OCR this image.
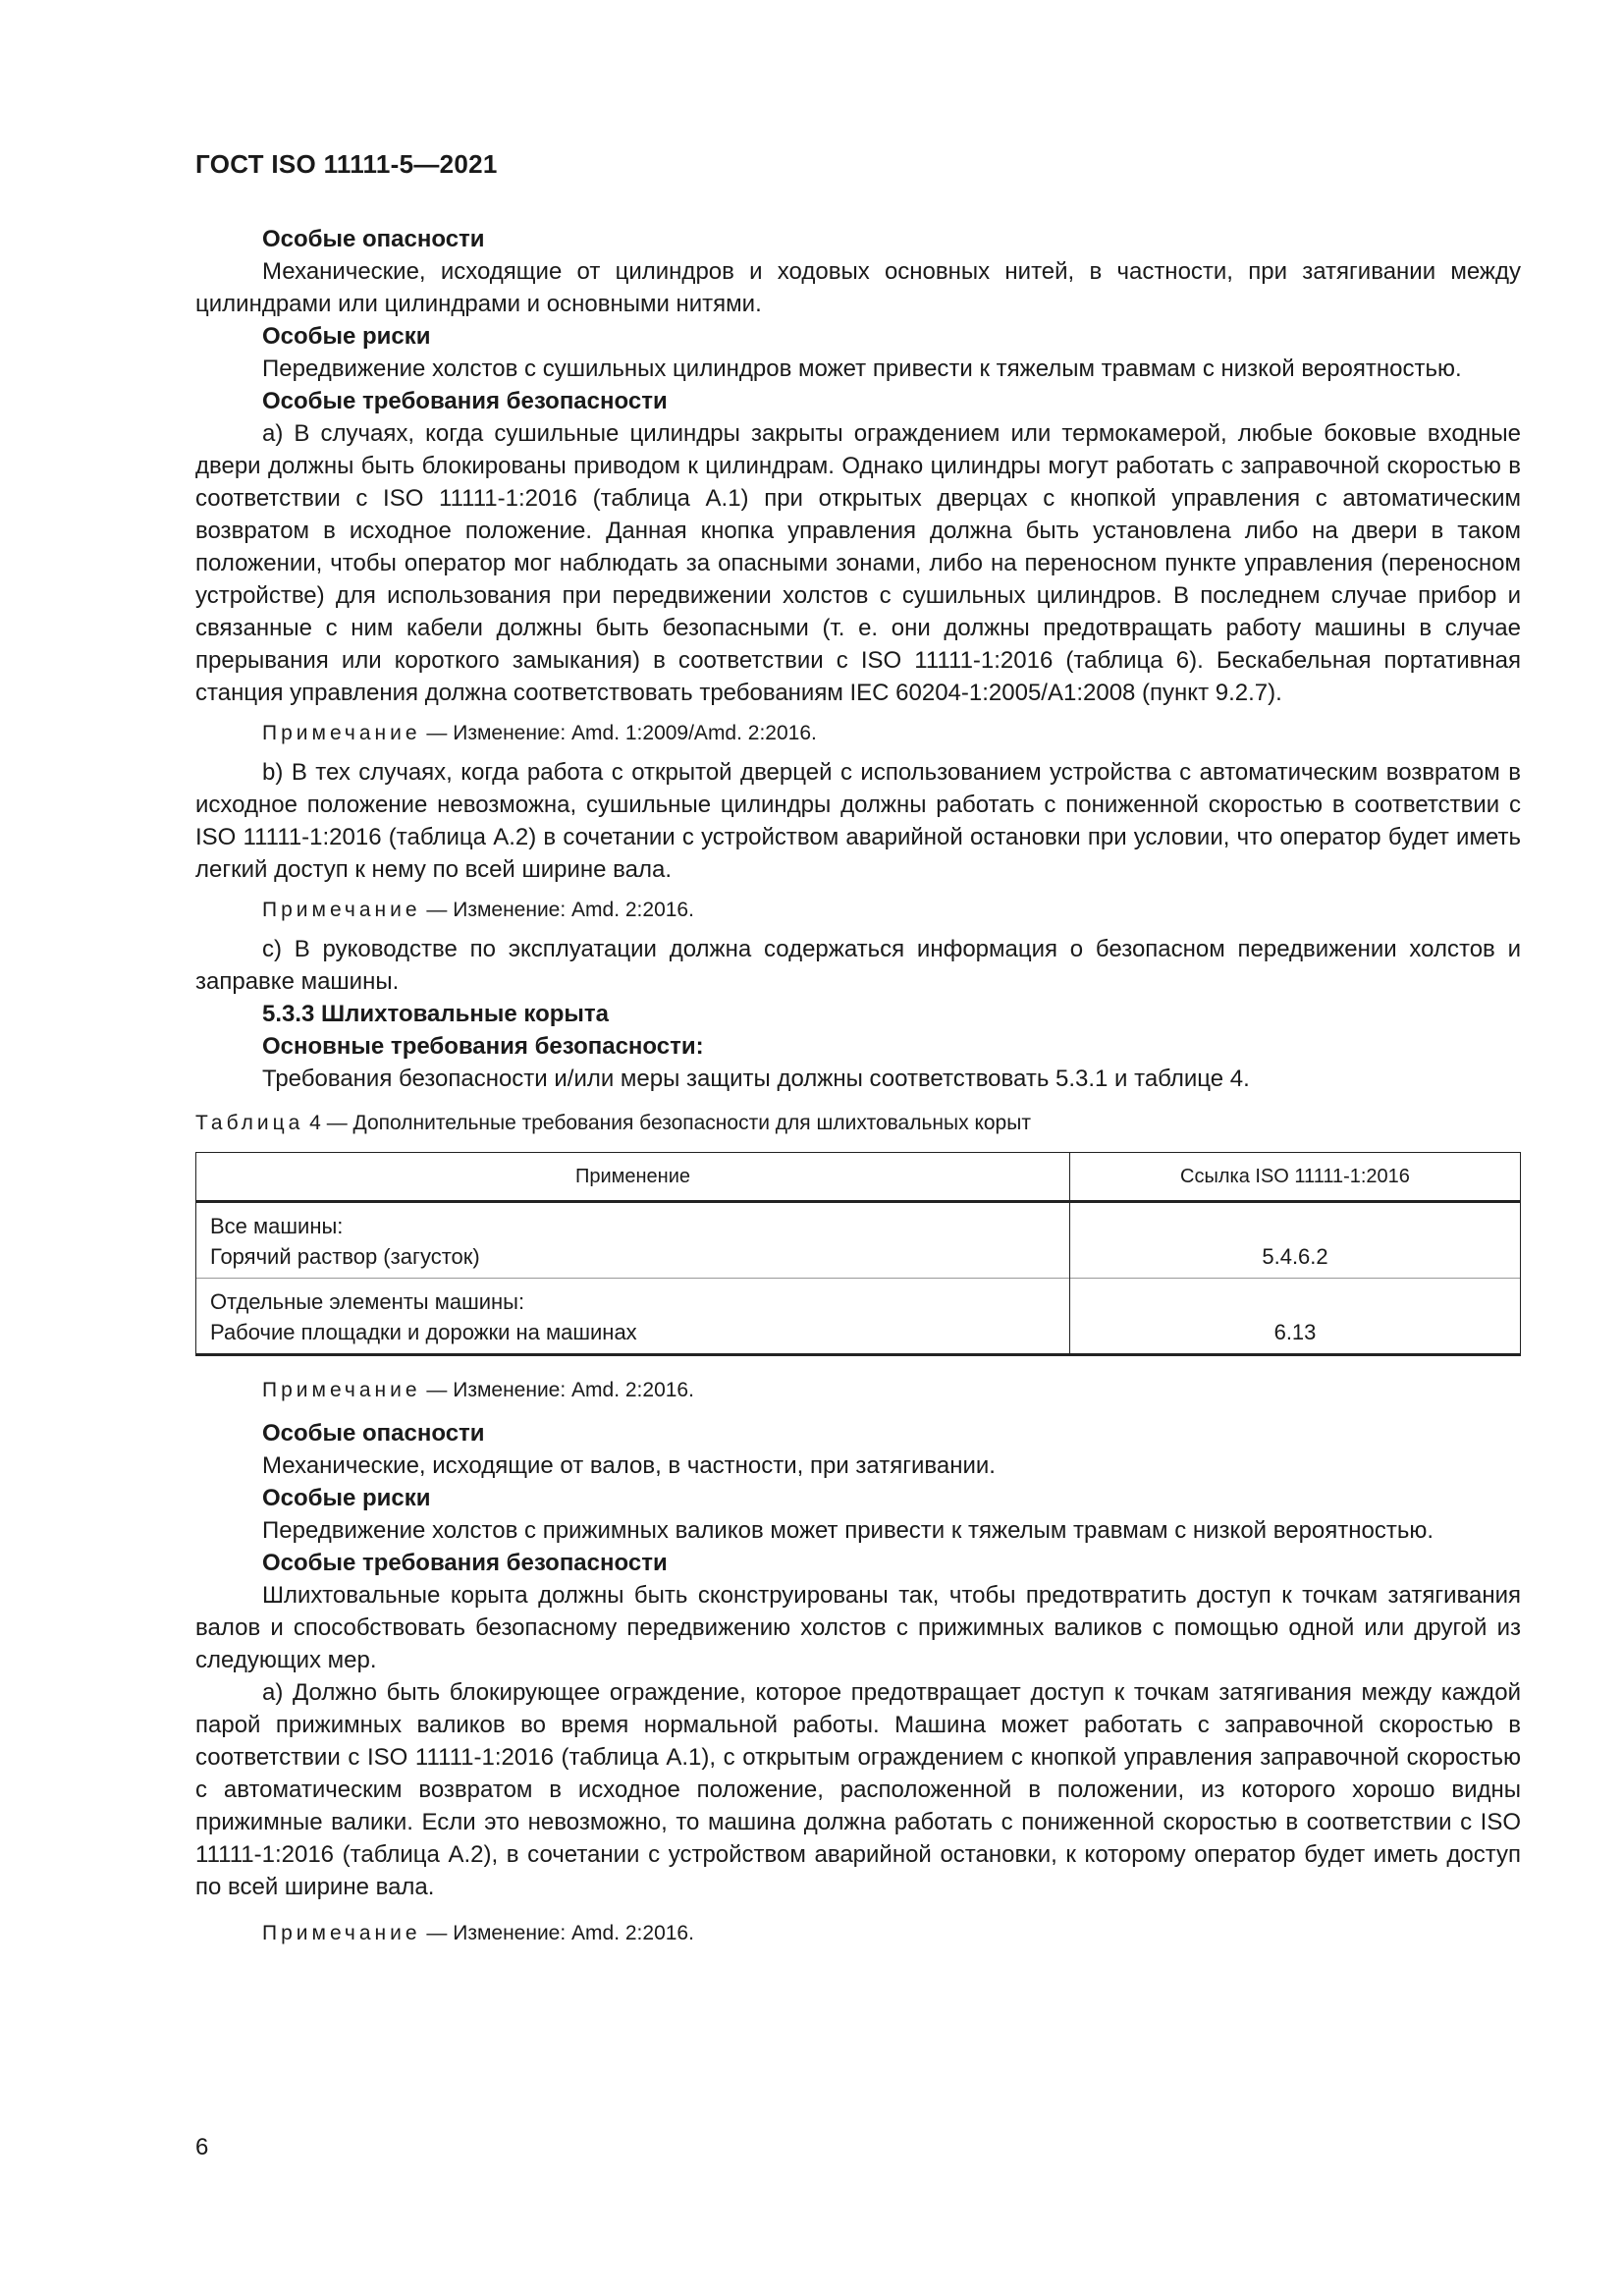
ГОСТ ISO 11111-5—2021
Особые опасности

Механические, исходящие от цилиндров и ходовых основных нитей, в частности, при затягивании между цилиндрами или цилиндрами и основными нитями.

Особые риски

Передвижение холстов с сушильных цилиндров может привести к тяжелым травмам с низкой вероятностью.

Особые требования безопасности

а) В случаях, когда сушильные цилиндры закрыты ограждением или термокамерой, любые боковые входные двери должны быть блокированы приводом к цилиндрам. Однако цилиндры могут работать с заправочной скоростью в соответствии с ISO 11111-1:2016 (таблица А.1) при открытых дверцах с кнопкой управления с автоматическим возвратом в исходное положение. Данная кнопка управления должна быть установлена либо на двери в таком положении, чтобы оператор мог наблюдать за опасными зонами, либо на переносном пункте управления (переносном устройстве) для использования при передвижении холстов с сушильных цилиндров. В последнем случае прибор и связанные с ним кабели должны быть безопасными (т. е. они должны предотвращать работу машины в случае прерывания или короткого замыкания) в соответствии с ISO 11111-1:2016 (таблица 6). Бескабельная портативная станция управления должна соответствовать требованиям IEC 60204-1:2005/A1:2008 (пункт 9.2.7).

Примечание — Изменение: Amd. 1:2009/Amd. 2:2016.

b) В тех случаях, когда работа с открытой дверцей с использованием устройства с автоматическим возвратом в исходное положение невозможна, сушильные цилиндры должны работать с пониженной скоростью в соответствии с ISO 11111-1:2016 (таблица А.2) в сочетании с устройством аварийной остановки при условии, что оператор будет иметь легкий доступ к нему по всей ширине вала.

Примечание — Изменение: Amd. 2:2016.

c) В руководстве по эксплуатации должна содержаться информация о безопасном передвижении холстов и заправке машины.

5.3.3 Шлихтовальные корыта
Основные требования безопасности:

Требования безопасности и/или меры защиты должны соответствовать 5.3.1 и таблице 4.

Таблица 4 — Дополнительные требования безопасности для шлихтовальных корыт
Применение	Ссылка ISO 11111-1:2016

Все машины:
Горячий раствор (загусток)	5.4.6.2

Отдельные элементы машины:
Рабочие площадки и дорожки на машинах	6.13
Примечание — Изменение: Amd. 2:2016.
Особые опасности

Механические, исходящие от валов, в частности, при затягивании.

Особые риски

Передвижение холстов с прижимных валиков может привести к тяжелым травмам с низкой вероятностью.

Особые требования безопасности

Шлихтовальные корыта должны быть сконструированы так, чтобы предотвратить доступ к точкам затягивания валов и способствовать безопасному передвижению холстов с прижимных валиков с помощью одной или другой из следующих мер.

а) Должно быть блокирующее ограждение, которое предотвращает доступ к точкам затягивания между каждой парой прижимных валиков во время нормальной работы. Машина может работать с заправочной скоростью в соответствии с ISO 11111-1:2016 (таблица А.1), с открытым ограждением с кнопкой управления заправочной скоростью с автоматическим возвратом в исходное положение, расположенной в положении, из которого хорошо видны прижимные валики. Если это невозможно, то машина должна работать с пониженной скоростью в соответствии с ISO 11111-1:2016 (таблица А.2), в сочетании с устройством аварийной остановки, к которому оператор будет иметь доступ по всей ширине вала.

Примечание — Изменение: Amd. 2:2016.
6
